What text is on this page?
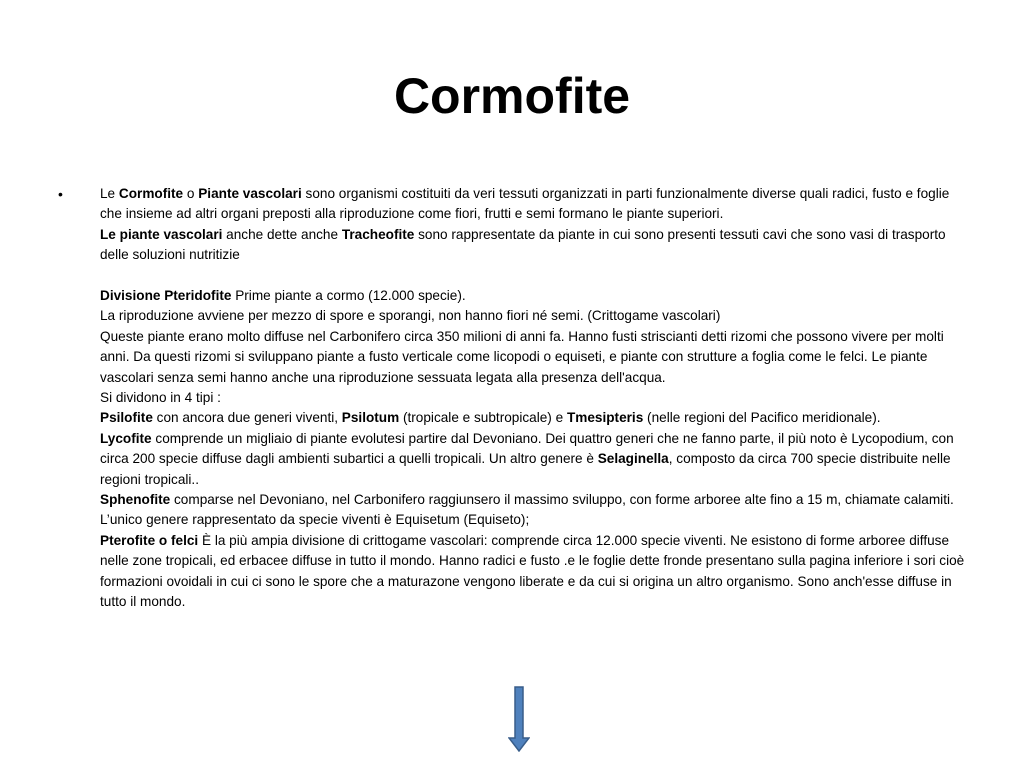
Cormofite
•	Le Cormofite o Piante vascolari sono organismi costituiti da veri tessuti organizzati in parti funzionalmente diverse quali radici, fusto e foglie che insieme ad altri organi preposti alla riproduzione come fiori, frutti e semi formano le piante superiori.

Le piante vascolari anche dette anche Tracheofite sono rappresentate da piante in cui sono presenti tessuti cavi che sono vasi di trasporto delle soluzioni nutritizie

Divisione Pteridofite Prime piante a cormo (12.000 specie).

La riproduzione avviene per mezzo di spore e sporangi, non hanno fiori né semi. (Crittogame vascolari)

Queste piante erano molto diffuse nel Carbonifero circa 350 milioni di anni fa. Hanno fusti striscianti detti rizomi che possono vivere per molti anni. Da questi rizomi si sviluppano piante a fusto verticale come licopodi o equiseti, e piante con strutture a foglia come le felci. Le piante vascolari senza semi hanno anche una riproduzione sessuata legata alla presenza dell'acqua.

Si dividono in 4 tipi :

Psilofite con ancora due generi viventi, Psilotum (tropicale e subtropicale) e Tmesipteris (nelle regioni del Pacifico meridionale).

Lycofite comprende un migliaio di piante evolutesi partire dal Devoniano. Dei quattro generi che ne fanno parte, il più noto è Lycopodium, con circa 200 specie diffuse dagli ambienti subartici a quelli tropicali. Un altro genere è Selaginella, composto da circa 700 specie distribuite nelle regioni tropicali..

Sphenofite comparse nel Devoniano, nel Carbonifero raggiunsero il massimo sviluppo, con forme arboree alte fino a 15 m, chiamate calamiti. L’unico genere rappresentato da specie viventi è Equisetum (Equiseto);

Pterofite o felci È la più ampia divisione di crittogame vascolari: comprende circa 12.000 specie viventi. Ne esistono di forme arboree diffuse nelle zone tropicali, ed erbacee diffuse in tutto il mondo. Hanno radici e fusto .e le foglie dette fronde presentano sulla pagina inferiore i sori cioè formazioni ovoidali in cui ci sono le spore che a maturazone vengono liberate e da cui si origina un altro organismo. Sono anch'esse diffuse in tutto il mondo.
